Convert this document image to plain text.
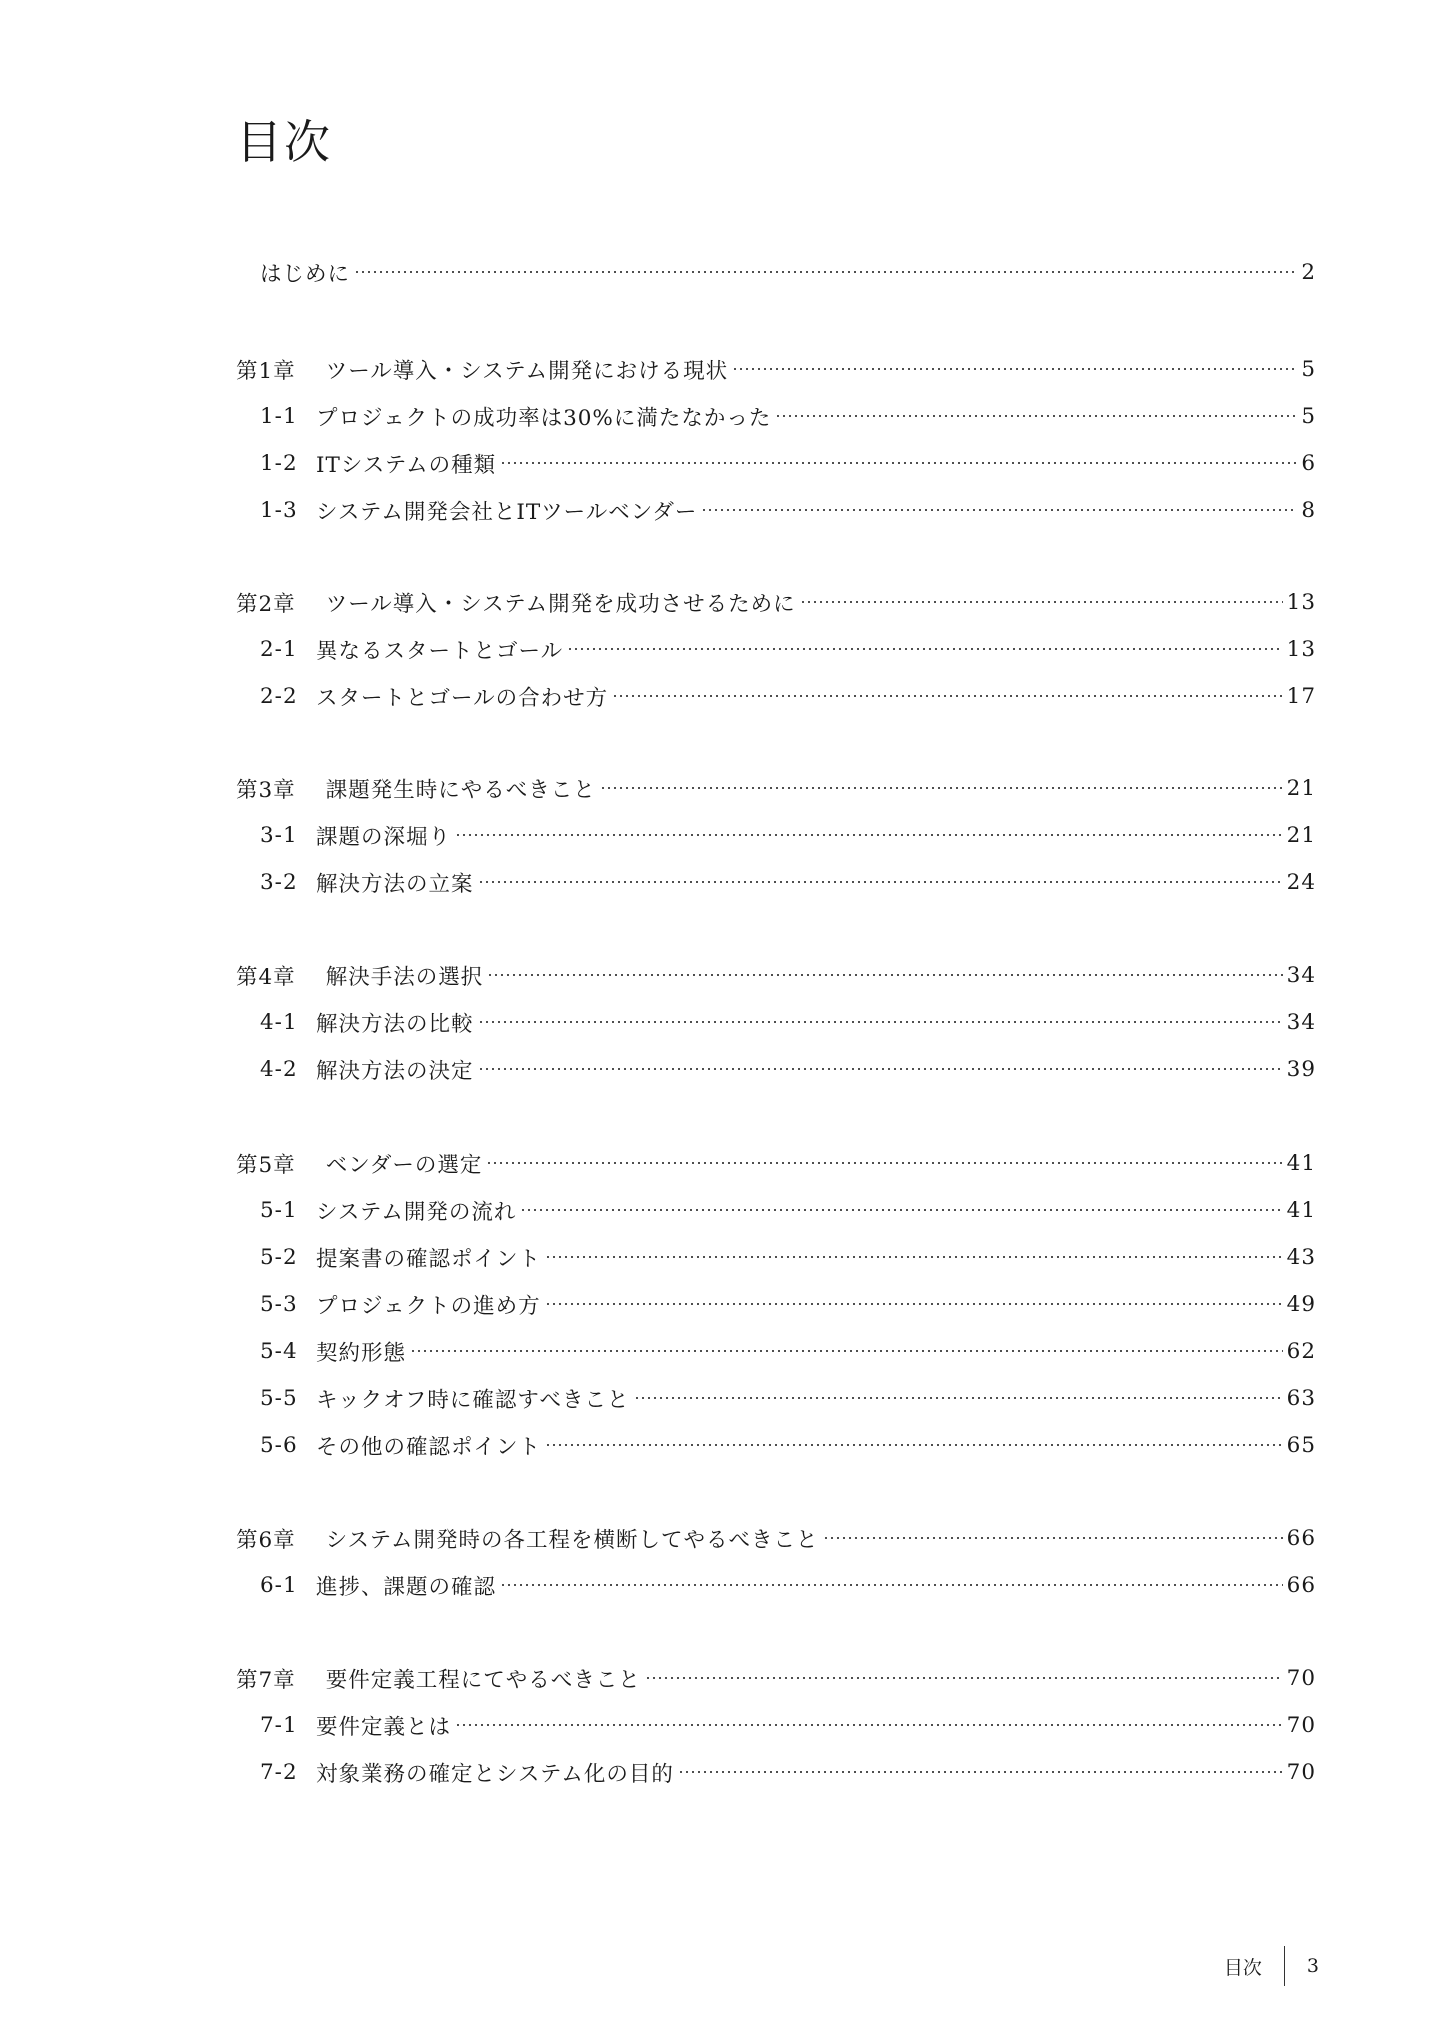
目次
はじめに	2
第1章 ツール導入・システム開発における現状	5
1-1 プロジェクトの成功率は30%に満たなかった	5
1-2 ITシステムの種類	6
1-3 システム開発会社とITツールベンダー	8
第2章 ツール導入・システム開発を成功させるために	13
2-1 異なるスタートとゴール	13
2-2 スタートとゴールの合わせ方	17
第3章 課題発生時にやるべきこと	21
3-1 課題の深堀り	21
3-2 解決方法の立案	24
第4章 解決手法の選択	34
4-1 解決方法の比較	34
4-2 解決方法の決定	39
第5章 ベンダーの選定	41
5-1 システム開発の流れ	41
5-2 提案書の確認ポイント	43
5-3 プロジェクトの進め方	49
5-4 契約形態	62
5-5 キックオフ時に確認すべきこと	63
5-6 その他の確認ポイント	65
第6章 システム開発時の各工程を横断してやるべきこと	66
6-1 進捗、課題の確認	66
第7章 要件定義工程にてやるべきこと	70
7-1 要件定義とは	70
7-2 対象業務の確定とシステム化の目的	70
目次 3
